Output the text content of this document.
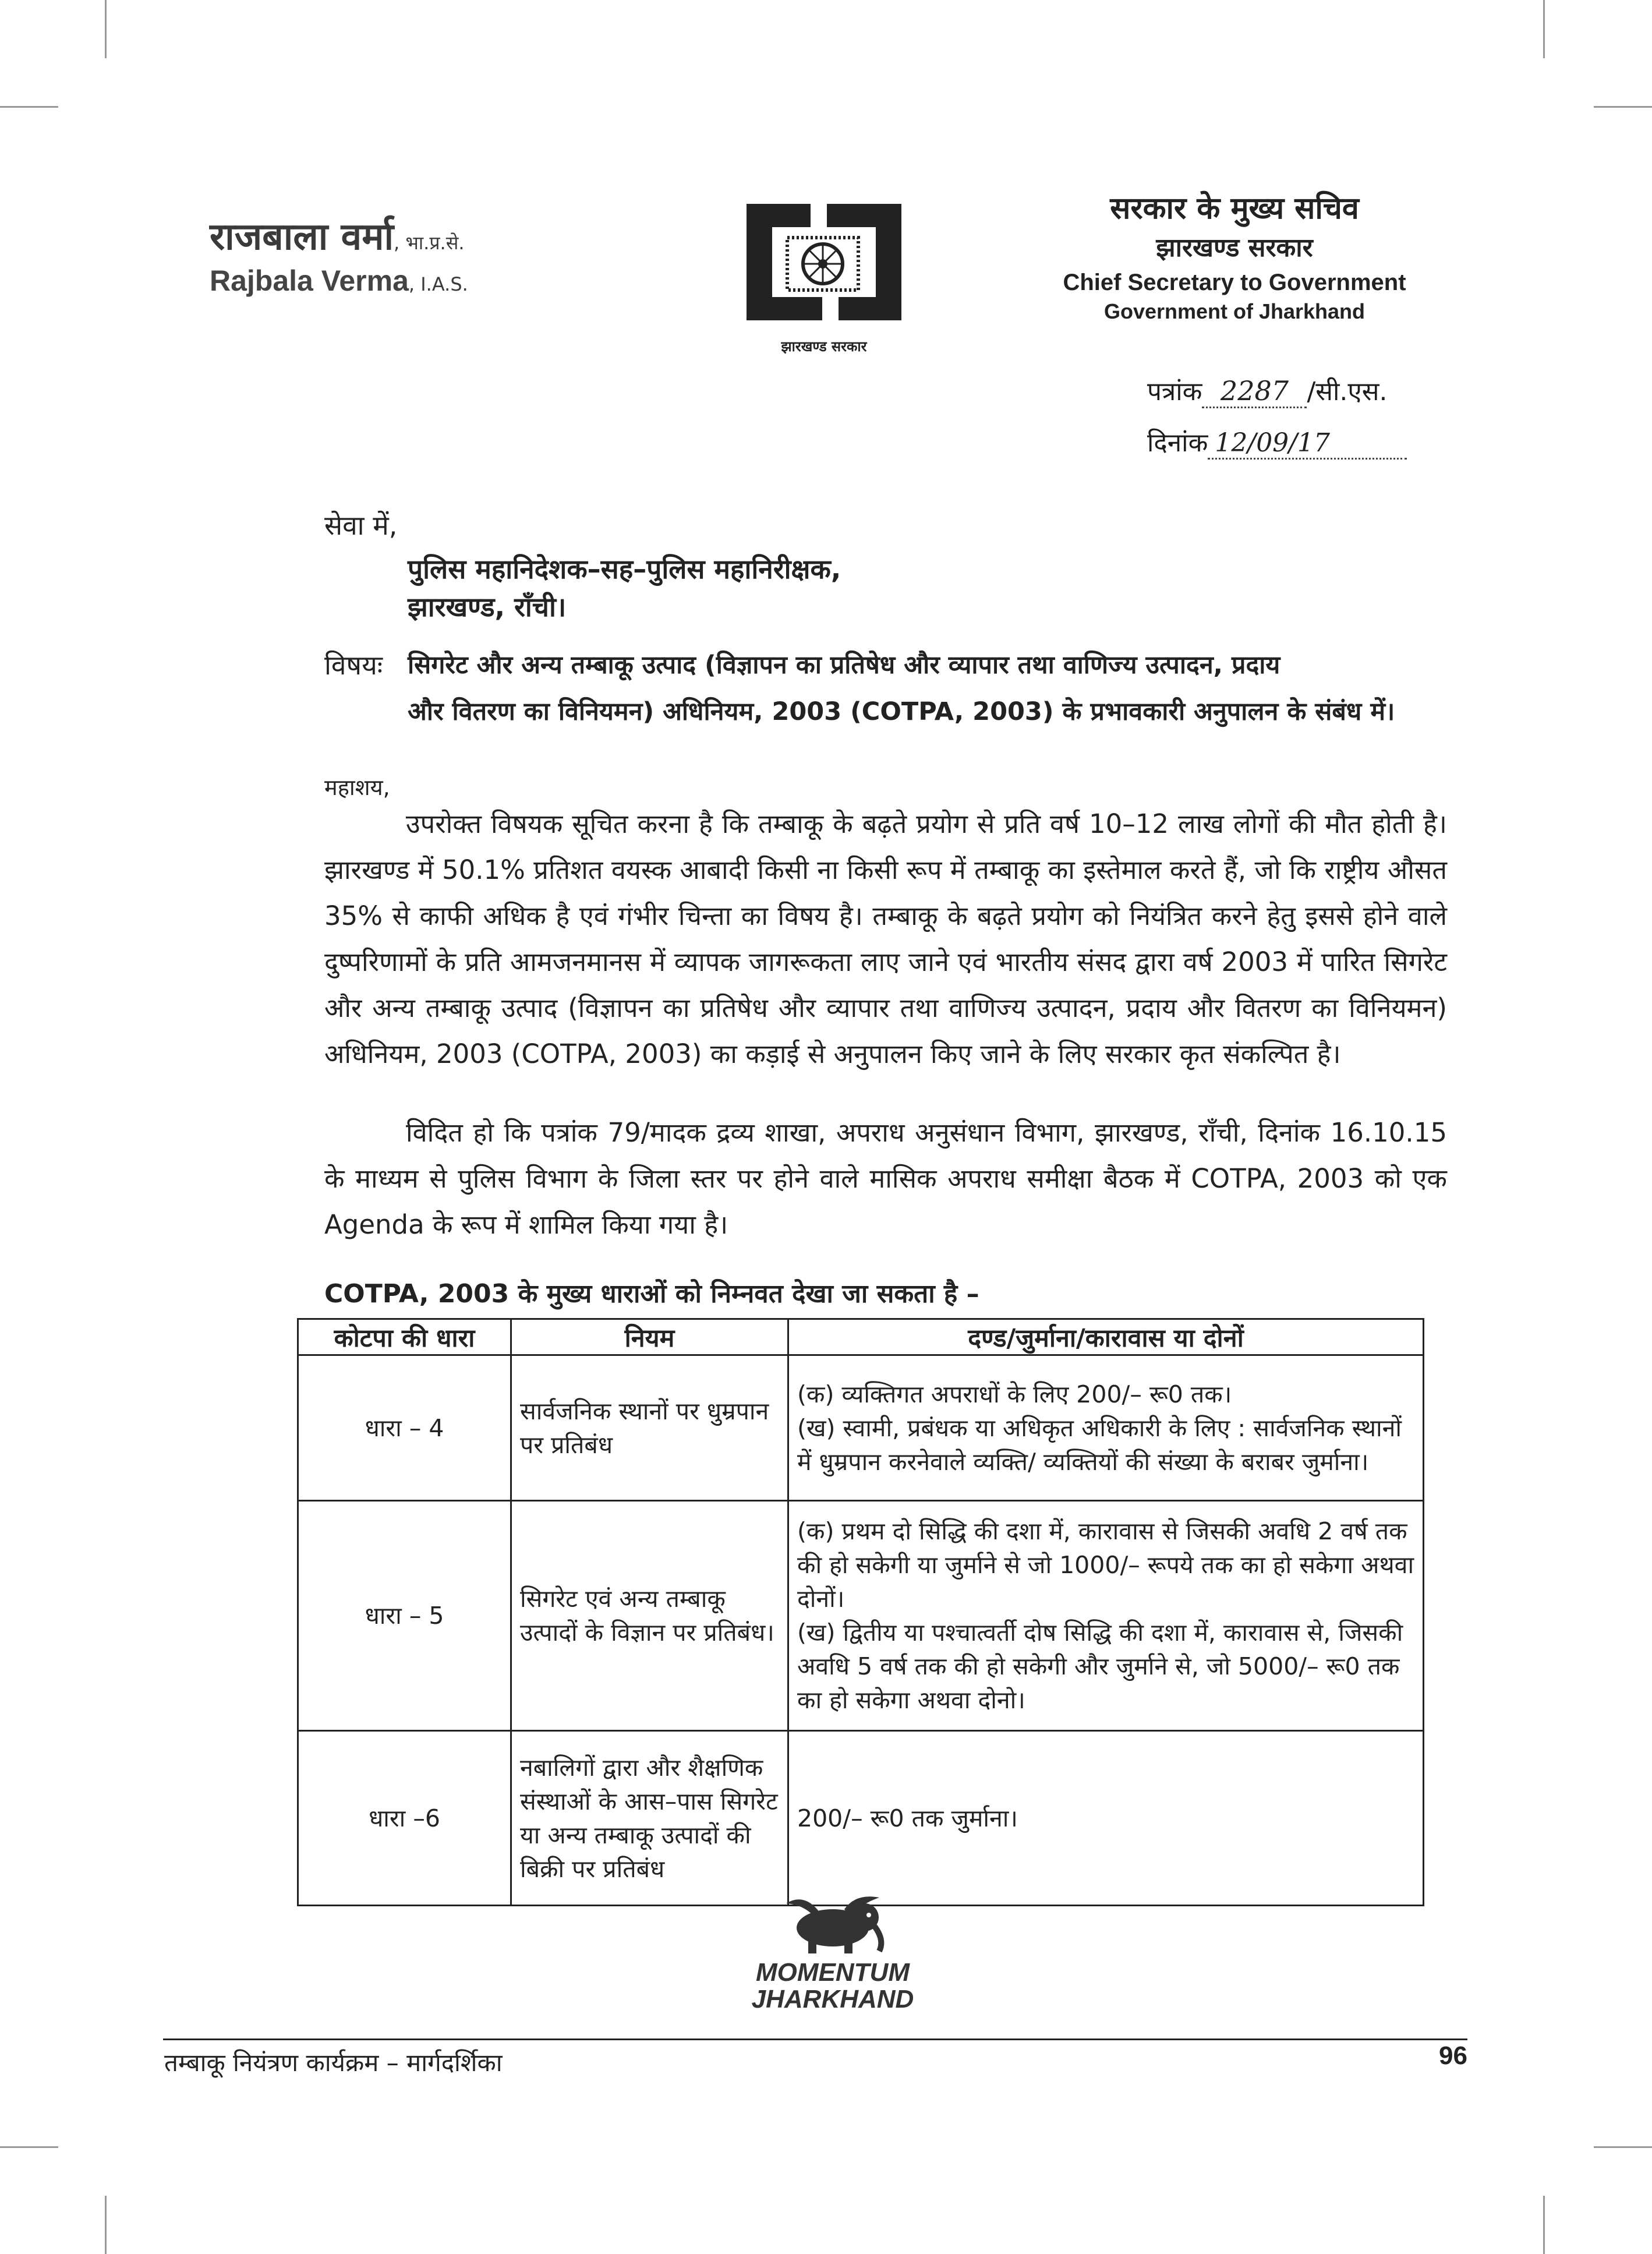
राजबाला वर्मा, भा.प्र.से.
Rajbala Verma, I.A.S.
झारखण्ड सरकार
सरकार के मुख्य सचिव
झारखण्ड सरकार
Chief Secretary to Government
Government of Jharkhand
पत्रांक 2287 /सी.एस.
दिनांक 12/09/17
सेवा में,
पुलिस महानिदेशक–सह–पुलिस महानिरीक्षक,
झारखण्ड, राँची।
विषयः सिगरेट और अन्य तम्बाकू उत्पाद (विज्ञापन का प्रतिषेध और व्यापार तथा वाणिज्य उत्पादन, प्रदाय
और वितरण का विनियमन) अधिनियम, 2003 (COTPA, 2003) के प्रभावकारी अनुपालन के संबंध में।
महाशय,
उपरोक्त विषयक सूचित करना है कि तम्बाकू के बढ़ते प्रयोग से प्रति वर्ष 10–12 लाख लोगों की मौत होती है। झारखण्ड में 50.1% प्रतिशत वयस्क आबादी किसी ना किसी रूप में तम्बाकू का इस्तेमाल करते हैं, जो कि राष्ट्रीय औसत 35% से काफी अधिक है एवं गंभीर चिन्ता का विषय है। तम्बाकू के बढ़ते प्रयोग को नियंत्रित करने हेतु इससे होने वाले दुष्परिणामों के प्रति आमजनमानस में व्यापक जागरूकता लाए जाने एवं भारतीय संसद द्वारा वर्ष 2003 में पारित सिगरेट और अन्य तम्बाकू उत्पाद (विज्ञापन का प्रतिषेध और व्यापार तथा वाणिज्य उत्पादन, प्रदाय और वितरण का विनियमन) अधिनियम, 2003 (COTPA, 2003) का कड़ाई से अनुपालन किए जाने के लिए सरकार कृत संकल्पित है।
विदित हो कि पत्रांक 79/मादक द्रव्य शाखा, अपराध अनुसंधान विभाग, झारखण्ड, राँची, दिनांक 16.10.15 के माध्यम से पुलिस विभाग के जिला स्तर पर होने वाले मासिक अपराध समीक्षा बैठक में COTPA, 2003 को एक Agenda के रूप में शामिल किया गया है।
COTPA, 2003 के मुख्य धाराओं को निम्नवत देखा जा सकता है –
कोटपा की धारा	नियम	दण्ड/जुर्माना/कारावास या दोनों
धारा – 4	सार्वजनिक स्थानों पर धुम्रपान पर प्रतिबंध	(क) व्यक्तिगत अपराधों के लिए 200/– रू0 तक।
(ख) स्वामी, प्रबंधक या अधिकृत अधिकारी के लिए : सार्वजनिक स्थानों में धुम्रपान करनेवाले व्यक्ति/ व्यक्तियों की संख्या के बराबर जुर्माना।

धारा – 5	सिगरेट एवं अन्य तम्बाकू उत्पादों के विज्ञान पर प्रतिबंध।	(क) प्रथम दो सिद्धि की दशा में, कारावास से जिसकी अवधि 2 वर्ष तक की हो सकेगी या जुर्माने से जो 1000/– रूपये तक का हो सकेगा अथवा दोनों।
(ख) द्वितीय या पश्चात्वर्ती दोष सिद्धि की दशा में, कारावास से, जिसकी अवधि 5 वर्ष तक की हो सकेगी और जुर्माने से, जो 5000/– रू0 तक का हो सकेगा अथवा दोनो।

धारा –6	नबालिगों द्वारा और शैक्षणिक संस्थाओं के आस–पास सिगरेट या अन्य तम्बाकू उत्पादों की बिक्री पर प्रतिबंध	200/– रू0 तक जुर्माना।
MOMENTUM
JHARKHAND
तम्बाकू नियंत्रण कार्यक्रम – मार्गदर्शिका	96
